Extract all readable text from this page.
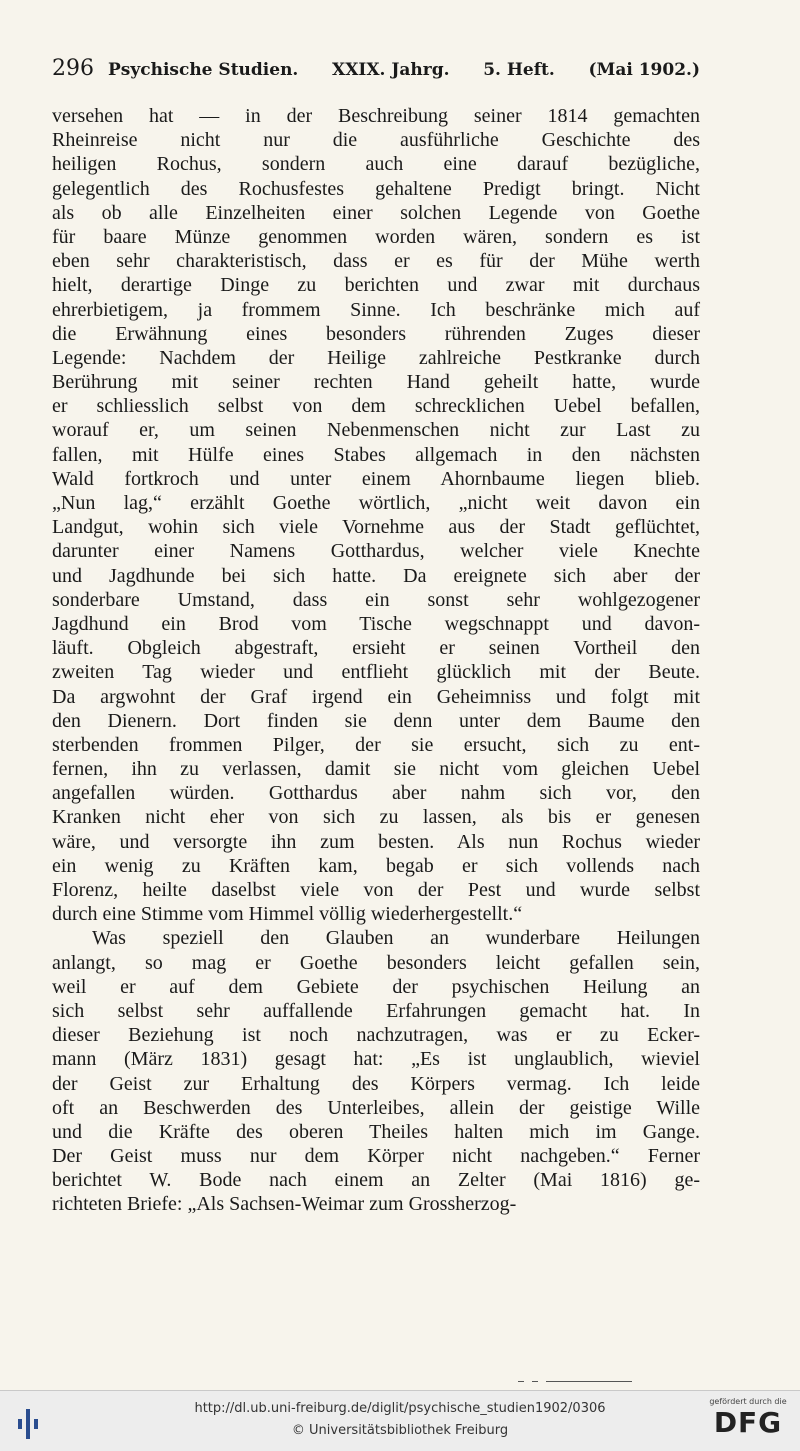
296 Psychische Studien. XXIX. Jahrg. 5. Heft. (Mai 1902.)
versehen hat — in der Beschreibung seiner 1814 gemachten
Rheinreise nicht nur die ausführliche Geschichte des
heiligen Rochus, sondern auch eine darauf bezügliche,
gelegentlich des Rochusfestes gehaltene Predigt bringt. Nicht
als ob alle Einzelheiten einer solchen Legende von Goethe
für baare Münze genommen worden wären, sondern es ist
eben sehr charakteristisch, dass er es für der Mühe werth
hielt, derartige Dinge zu berichten und zwar mit durchaus
ehrerbietigem, ja frommem Sinne. Ich beschränke mich auf
die Erwähnung eines besonders rührenden Zuges dieser
Legende: Nachdem der Heilige zahlreiche Pestkranke durch
Berührung mit seiner rechten Hand geheilt hatte, wurde
er schliesslich selbst von dem schrecklichen Uebel befallen,
worauf er, um seinen Nebenmenschen nicht zur Last zu
fallen, mit Hülfe eines Stabes allgemach in den nächsten
Wald fortkroch und unter einem Ahornbaume liegen blieb.
„Nun lag,“ erzählt Goethe wörtlich, „nicht weit davon ein
Landgut, wohin sich viele Vornehme aus der Stadt geflüchtet,
darunter einer Namens Gotthardus, welcher viele Knechte
und Jagdhunde bei sich hatte. Da ereignete sich aber der
sonderbare Umstand, dass ein sonst sehr wohlgezogener
Jagdhund ein Brod vom Tische wegschnappt und davon-
läuft. Obgleich abgestraft, ersieht er seinen Vortheil den
zweiten Tag wieder und entflieht glücklich mit der Beute.
Da argwohnt der Graf irgend ein Geheimniss und folgt mit
den Dienern. Dort finden sie denn unter dem Baume den
sterbenden frommen Pilger, der sie ersucht, sich zu ent-
fernen, ihn zu verlassen, damit sie nicht vom gleichen Uebel
angefallen würden. Gotthardus aber nahm sich vor, den
Kranken nicht eher von sich zu lassen, als bis er genesen
wäre, und versorgte ihn zum besten. Als nun Rochus wieder
ein wenig zu Kräften kam, begab er sich vollends nach
Florenz, heilte daselbst viele von der Pest und wurde selbst
durch eine Stimme vom Himmel völlig wiederhergestellt.“
Was speziell den Glauben an wunderbare Heilungen
anlangt, so mag er Goethe besonders leicht gefallen sein,
weil er auf dem Gebiete der psychischen Heilung an
sich selbst sehr auffallende Erfahrungen gemacht hat. In
dieser Beziehung ist noch nachzutragen, was er zu Ecker-
mann (März 1831) gesagt hat: „Es ist unglaublich, wieviel
der Geist zur Erhaltung des Körpers vermag. Ich leide
oft an Beschwerden des Unterleibes, allein der geistige Wille
und die Kräfte des oberen Theiles halten mich im Gange.
Der Geist muss nur dem Körper nicht nachgeben.“ Ferner
berichtet W. Bode nach einem an Zelter (Mai 1816) ge-
richteten Briefe: „Als Sachsen-Weimar zum Grossherzog-
http://dl.ub.uni-freiburg.de/diglit/psychische_studien1902/0306
© Universitätsbibliothek Freiburg
gefördert durch die
DFG
